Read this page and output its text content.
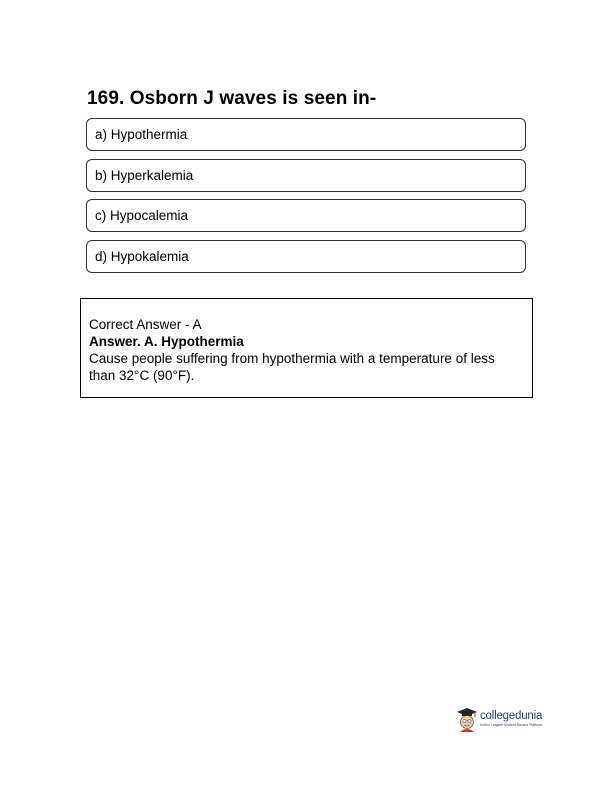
169. Osborn J waves is seen in-
a) Hypothermia
b) Hyperkalemia
c) Hypocalemia
d) Hypokalemia
Correct Answer - A
Answer. A. Hypothermia
Cause people suffering from hypothermia with a temperature of less than 32°C (90°F).
collegedunia
India's Largest Student Review Platform
